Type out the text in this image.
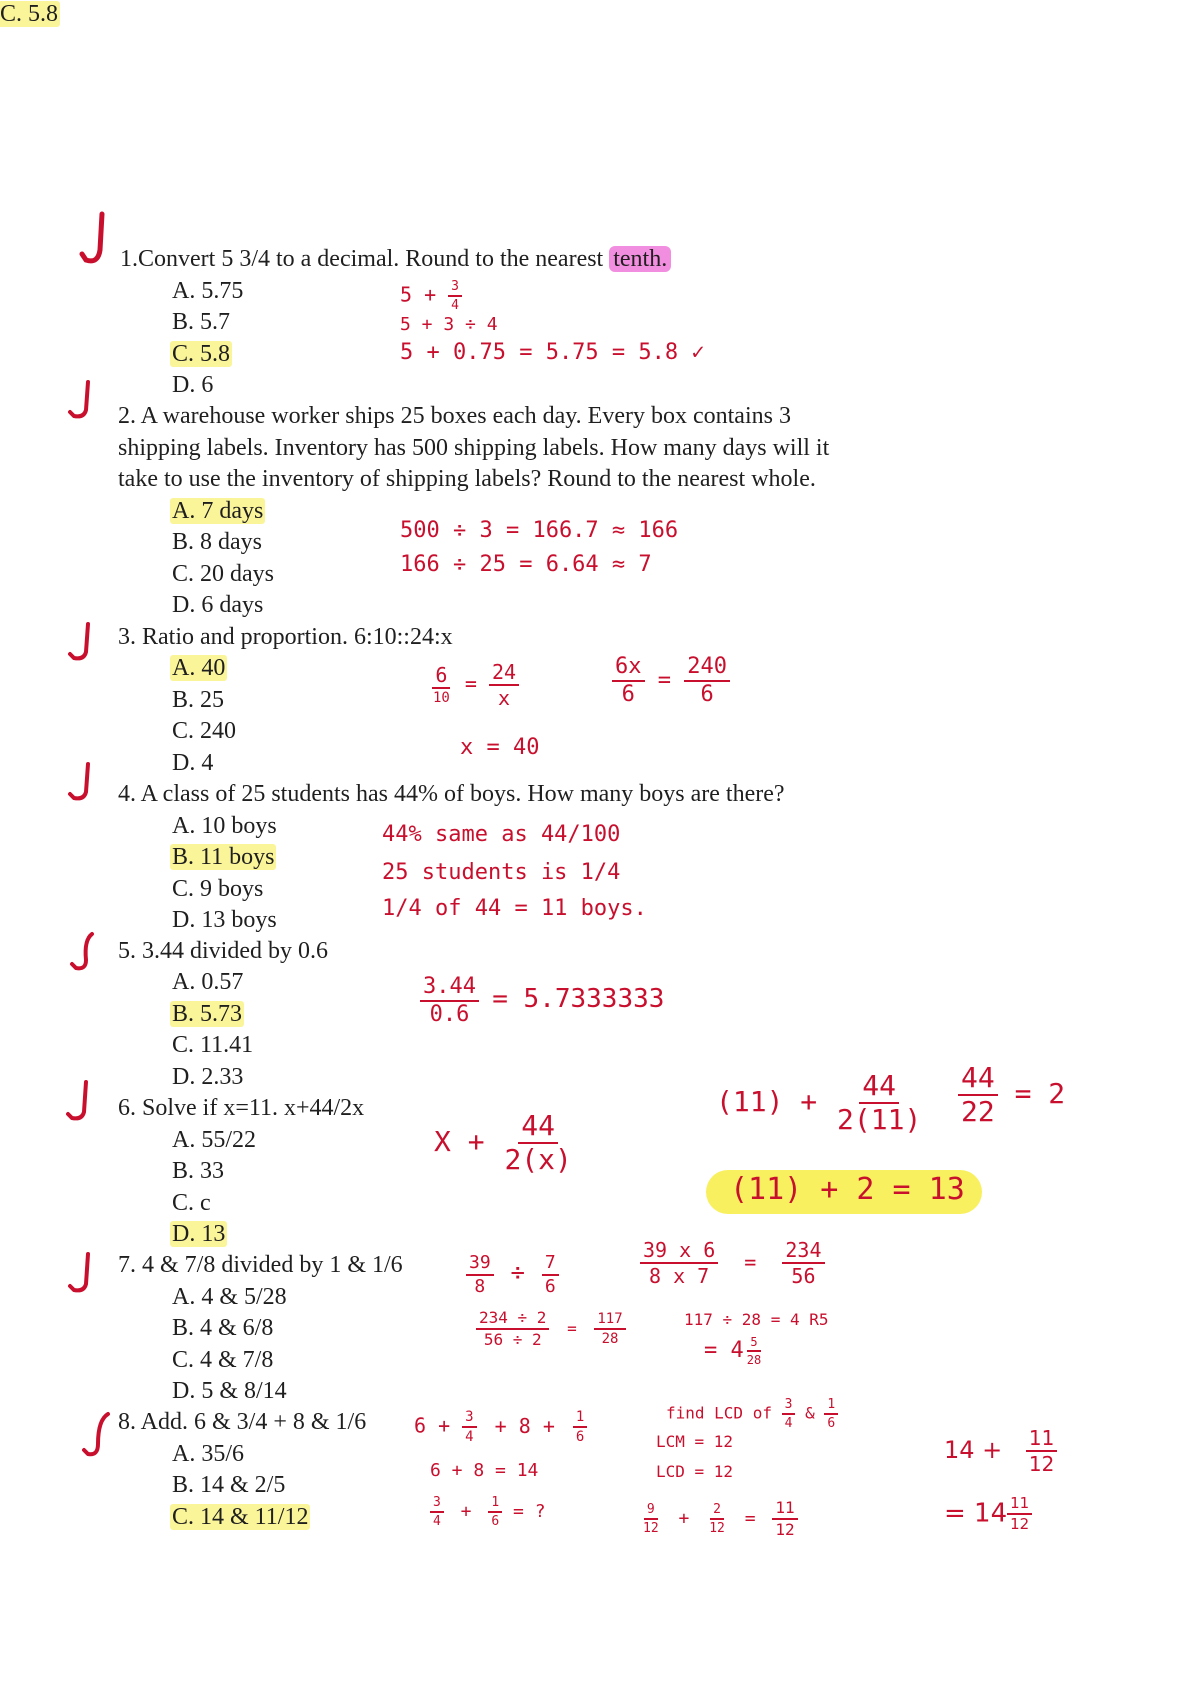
1.Convert 5 3/4 to a decimal. Round to the nearest tenth.
A. 5.75
B. 5.7
C. 5.8
C. 5.8
D. 6
2. A warehouse worker ships 25 boxes each day. Every box contains 3
shipping labels. Inventory has 500 shipping labels. How many days will it
take to use the inventory of shipping labels? Round to the nearest whole.
A. 7 days
B. 8 days
C. 20 days
D. 6 days
3. Ratio and proportion. 6:10::24:x
A. 40
B. 25
C. 240
D. 4
4. A class of 25 students has 44% of boys. How many boys are there?
A. 10 boys
B. 11 boys
C. 9 boys
D. 13 boys
5. 3.44 divided by 0.6
A. 0.57
B. 5.73
C. 11.41
D. 2.33
6. Solve if x=11. x+44/2x
A. 55/22
B. 33
C. c
D. 13
7. 4 & 7/8 divided by 1 & 1/6
A. 4 & 5/28
B. 4 & 6/8
C. 4 & 7/8
D. 5 & 8/14
8. Add. 6 & 3/4 + 8 & 1/6
A. 35/6
B. 14 & 2/5
C. 14 & 11/12
$5 + \frac{3}{4}$
5 + 3 ÷ 4
5 + 0.75 = 5.75 = 5.8 ✓
500 ÷ 3 = 166.7 ≈ 166
166 ÷ 25 = 6.64 ≈ 7
$\frac{6}{10} = \frac{24}{x}$	$\frac{6x}{6} = \frac{240}{6}$
x = 40
44% same as 44/100
25 students is 1/4
1/4 of 44 = 11 boys.
$\frac{3.44}{0.6} = 5.7333333$
$(11) + \frac{44}{2(11)} \frac{44}{22} = 2$
$X + \frac{44}{2(x)}$
(11) + 2 = 13
$\frac{39}{8} \div \frac{7}{6}$	$\frac{39 x 6}{8 x 7} = \frac{234}{56}$
$\frac{234 \div 2}{56 \div 2} = \frac{117}{28}$	117 ÷ 28 = 4 R5
= $4 \frac{5}{28}$
$6 + \frac{3}{4} + 8 + \frac{1}{6}$	find LCD of $\frac{3}{4}$ & $\frac{1}{6}$
LCM = 12
LCD = 12
6 + 8 = 14
$\frac{3}{4} + \frac{1}{6}$ = ?	$\frac{9}{12} + \frac{2}{12} = \frac{11}{12}$
$14 + \frac{11}{12}$
= $14 \frac{11}{12}$
